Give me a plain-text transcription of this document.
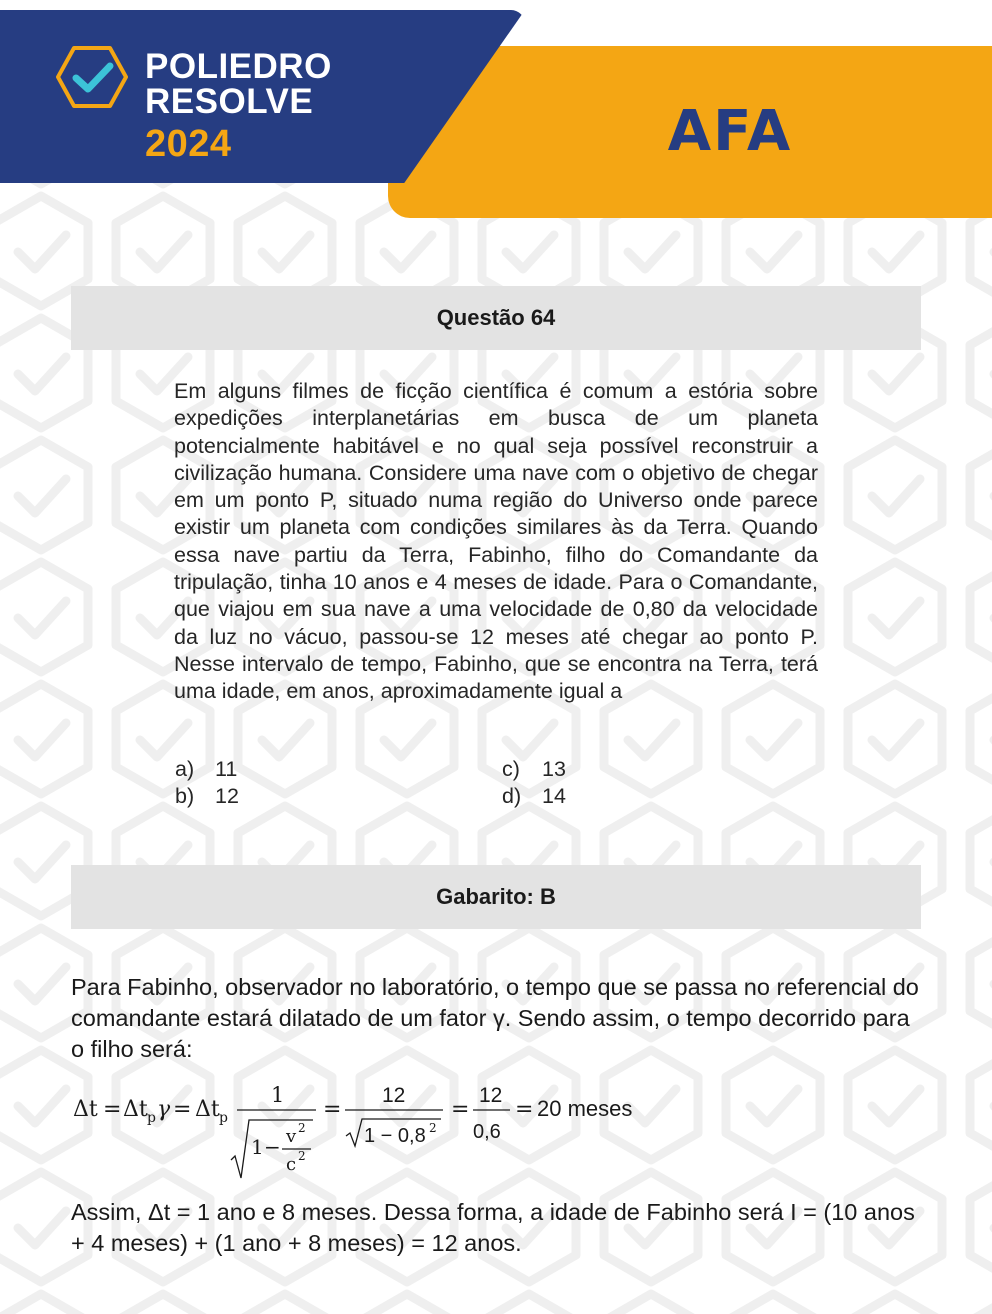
POLIEDRO
RESOLVE
2024	AFA
Questão 64
Em alguns filmes de ficção científica é comum a estória sobre expedições interplanetárias em busca de um planeta potencialmente habitável e no qual seja possível reconstruir a civilização humana. Considere uma nave com o objetivo de chegar em um ponto P, situado numa região do Universo onde parece existir um planeta com condições similares às da Terra. Quando essa nave partiu da Terra, Fabinho, filho do Comandante da tripulação, tinha 10 anos e 4 meses de idade. Para o Comandante, que viajou em sua nave a uma velocidade de 0,80 da velocidade da luz no vácuo, passou-se 12 meses até chegar ao ponto P. Nesse intervalo de tempo, Fabinho, que se encontra na Terra, terá uma idade, em anos, aproximadamente igual a
a) 11
b) 12
c) 13
d) 14
Gabarito: B
Para Fabinho, observador no laboratório, o tempo que se passa no referencial do comandante estará dilatado de um fator γ. Sendo assim, o tempo decorrido para o filho será:
Δt = Δt p γ = Δt p
1
1 − v 2
c 2
=
12
1 − 0,8 2
=
12
0,6
= 20 meses
Assim, Δt = 1 ano e 8 meses. Dessa forma, a idade de Fabinho será I = (10 anos + 4 meses) + (1 ano + 8 meses) = 12 anos.
